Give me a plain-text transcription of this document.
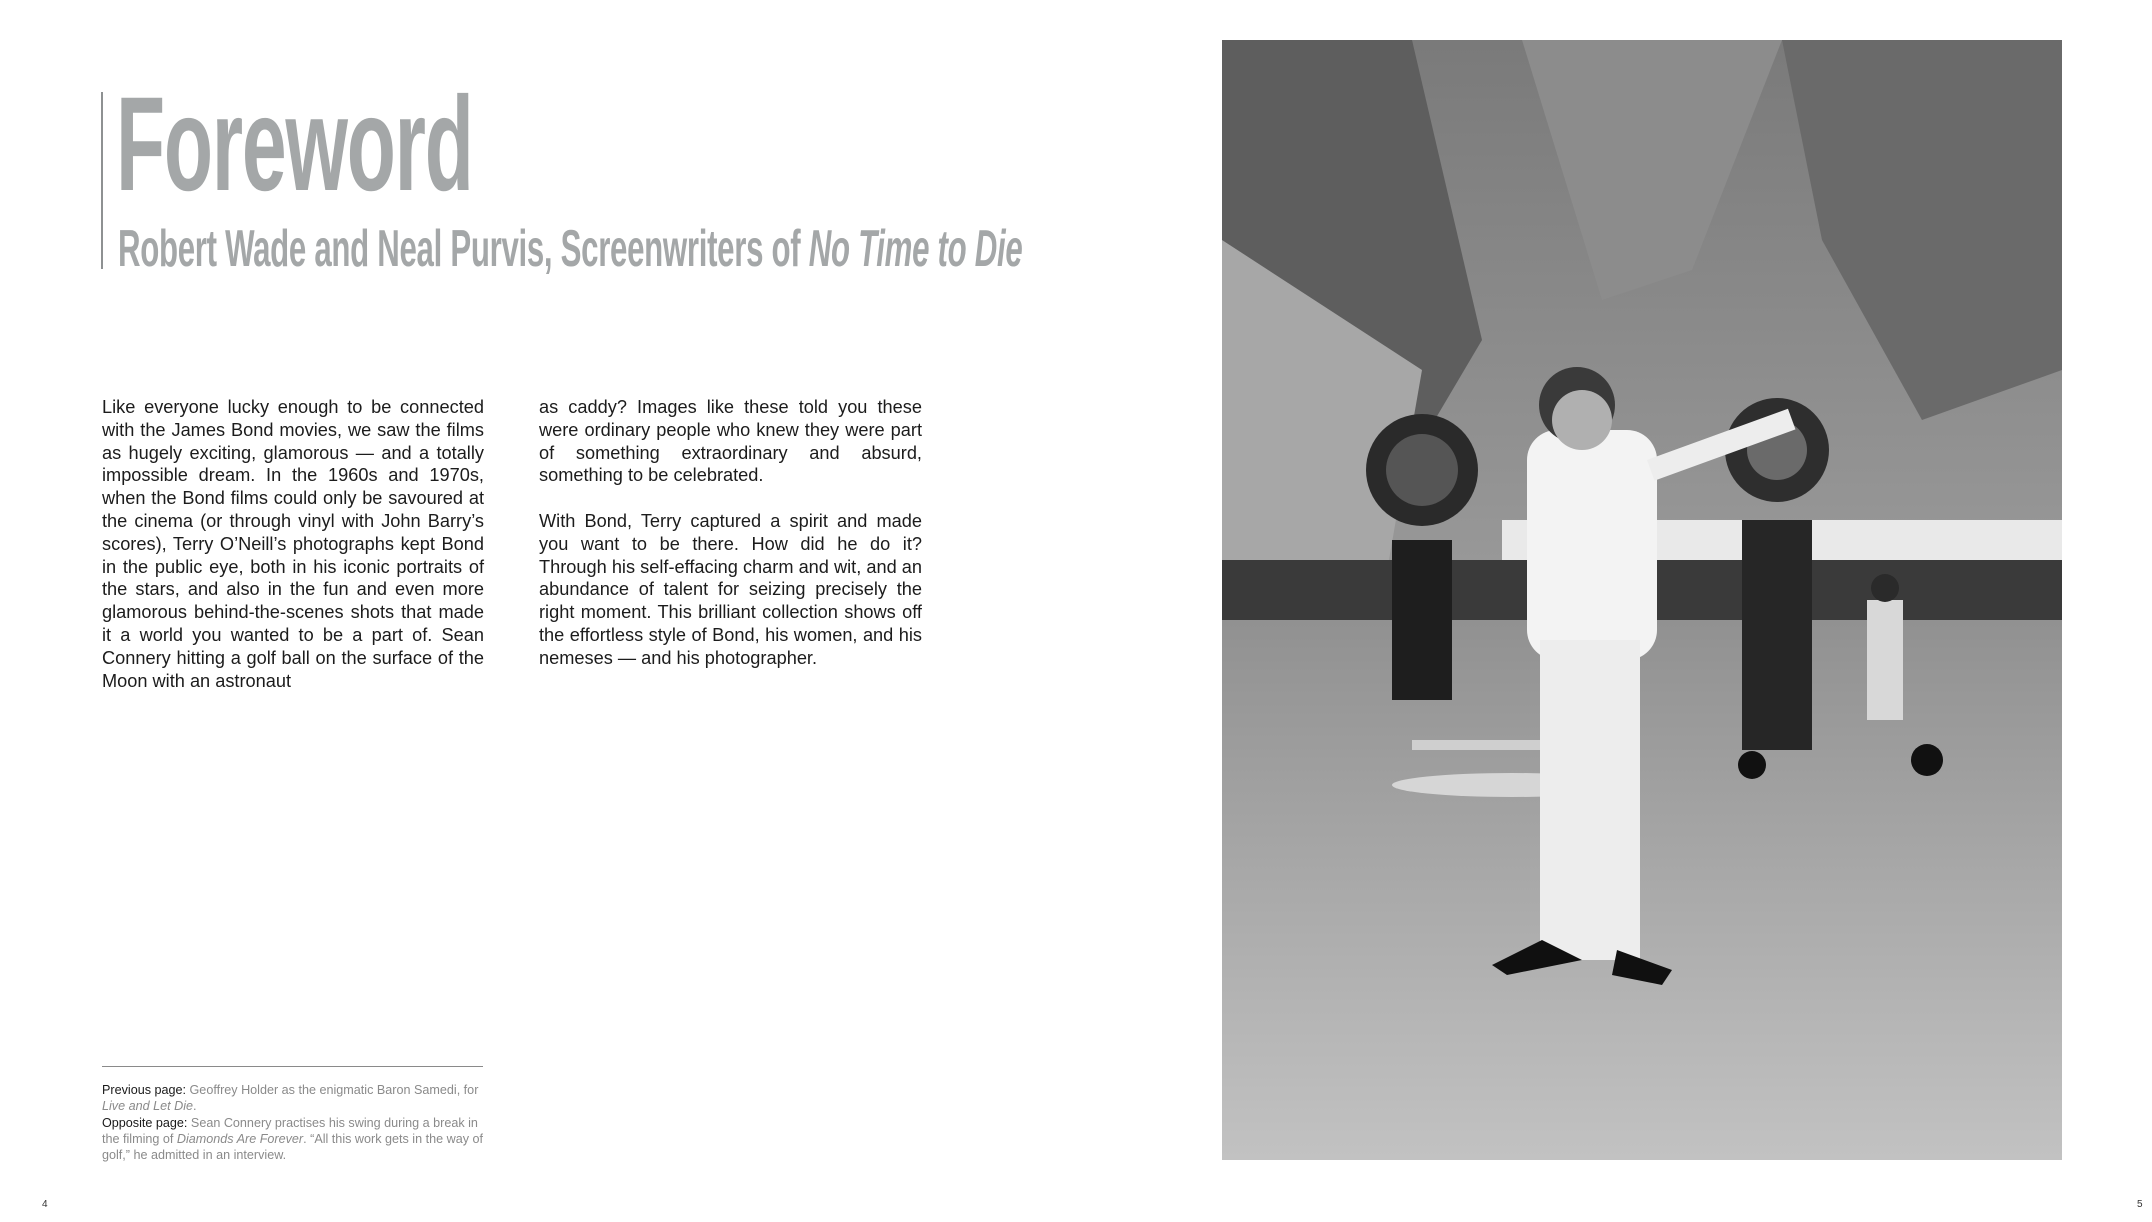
Foreword
Robert Wade and Neal Purvis, Screenwriters of No Time to Die

Like everyone lucky enough to be connected with the James Bond movies, we saw the films as hugely exciting, glamorous — and a totally impossible dream. In the 1960s and 1970s, when the Bond films could only be savoured at the cinema (or through vinyl with John Barry’s scores), Terry O’Neill’s photographs kept Bond in the public eye, both in his iconic portraits of the stars, and also in the fun and even more glamorous behind-the-scenes shots that made it a world you wanted to be a part of. Sean Connery hitting a golf ball on the surface of the Moon with an astronaut

as caddy? Images like these told you these were ordinary people who knew they were part of something extraordinary and absurd, something to be celebrated.

With Bond, Terry captured a spirit and made you want to be there. How did he do it? Through his self-effacing charm and wit, and an abundance of talent for seizing precisely the right moment. This brilliant collection shows off the effortless style of Bond, his women, and his nemeses — and his photographer.

Previous page: Geoffrey Holder as the enigmatic Baron Samedi, for Live and Let Die.

Opposite page: Sean Connery practises his swing during a break in the filming of Diamonds Are Forever. “All this work gets in the way of golf,” he admitted in an interview.

4	5
